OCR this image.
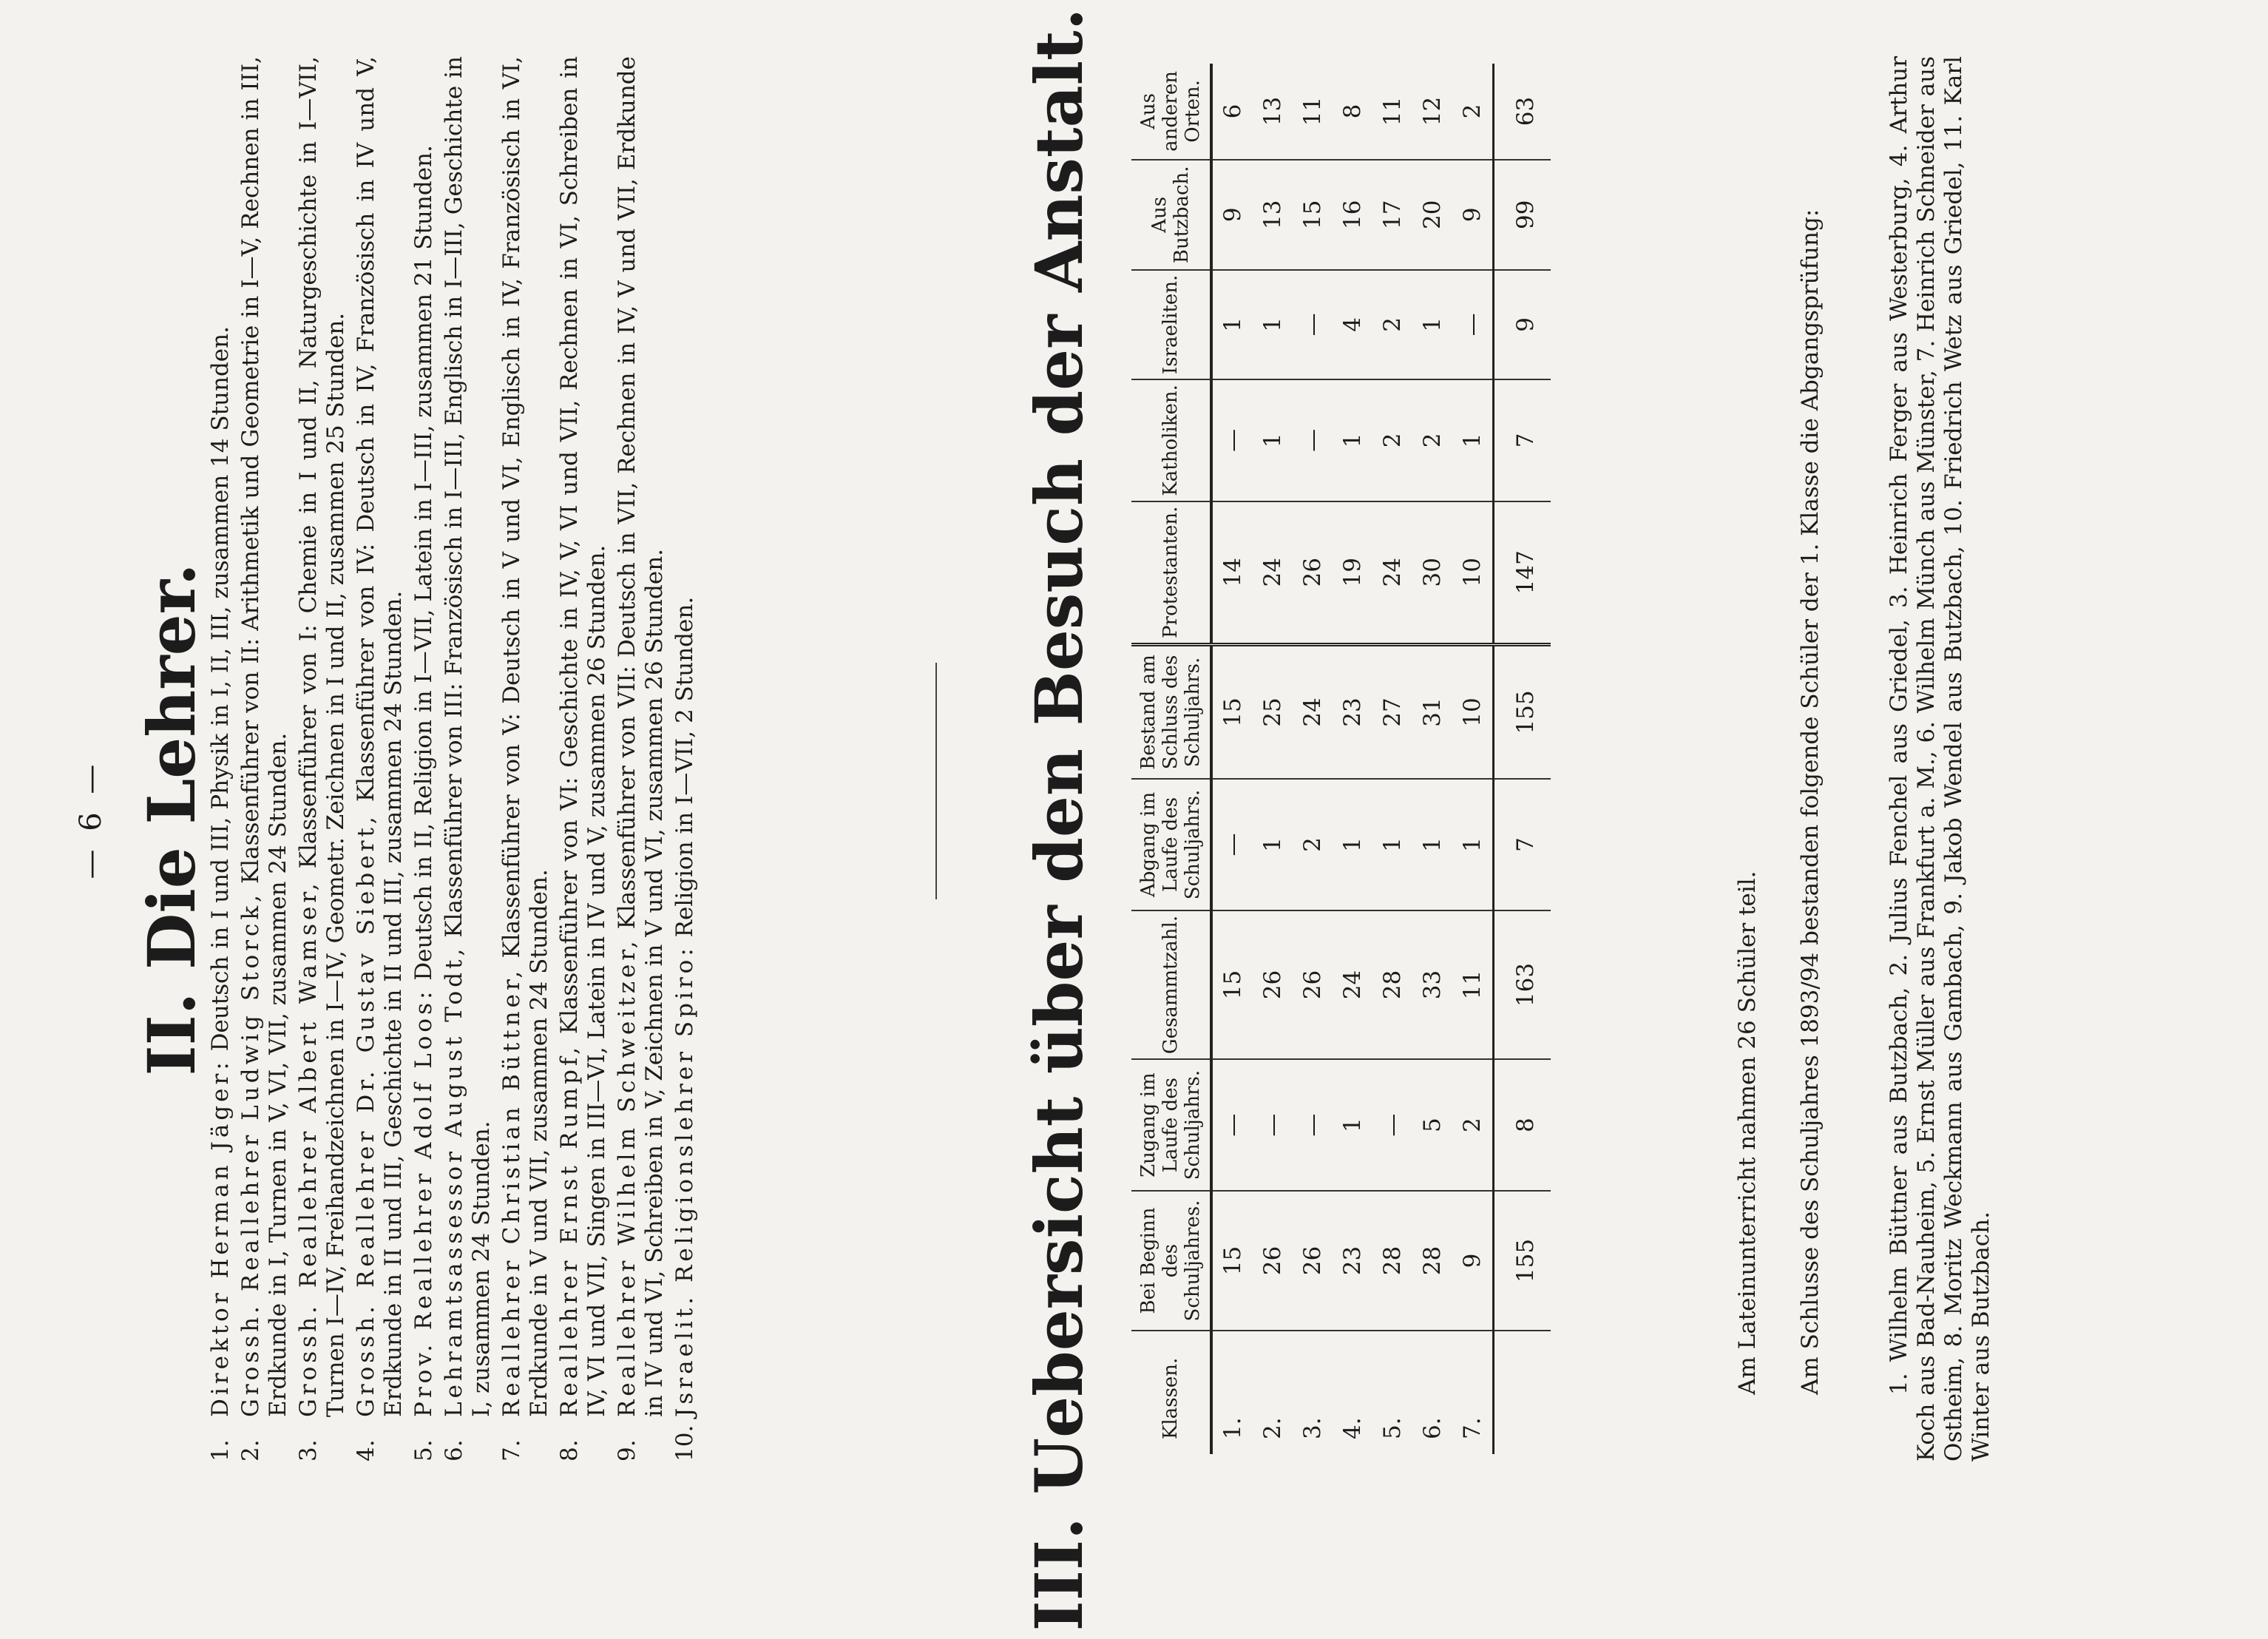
— 6 — II. Die Lehrer.
1.
Direktor Herman Jäger: Deutsch in I und III, Physik in I, II, III, zusammen 14 Stunden.
2.
Grossh. Reallehrer Ludwig Storck, Klassenführer von II: Arithmetik und Geometrie in I—V, Rechnen in III, Erdkunde in I, Turnen in V, VI, VII, zusammen 24 Stunden.
3.
Grossh. Reallehrer Albert Wamser, Klassenführer von I: Chemie in I und II, Naturgeschichte in I—VII, Turnen I—IV, Freihandzeichnen in I—IV, Geometr. Zeichnen in I und II, zusammen 25 Stunden.
4.
Grossh. Reallehrer Dr. Gustav Siebert, Klassenführer von IV: Deutsch in IV, Französisch in IV und V, Erdkunde in II und III, Geschichte in II und III, zusammen 24 Stunden.
5.
Prov. Reallehrer Adolf Loos: Deutsch in II, Religion in I—VII, Latein in I—III, zusammen 21 Stunden.
6.
Lehramtsassessor August Todt, Klassenführer von III: Französisch in I—III, Englisch in I—III, Geschichte in I, zusammen 24 Stunden.
7.
Reallehrer Christian Büttner, Klassenführer von V: Deutsch in V und VI, Englisch in IV, Französisch in VI, Erdkunde in V und VII, zusammen 24 Stunden.
8.
Reallehrer Ernst Rumpf, Klassenführer von VI: Geschichte in IV, V, VI und VII, Rechnen in VI, Schreiben in IV, VI und VII, Singen in III—VI, Latein in IV und V, zusammen 26 Stunden.
9.
Reallehrer Wilhelm Schweitzer, Klassenführer von VII: Deutsch in VII, Rechnen in IV, V und VII, Erdkunde in IV und VI, Schreiben in V, Zeichnen in V und VI, zusammen 26 Stunden.
10.
Jsraelit. Religionslehrer Spiro: Religion in I—VII, 2 Stunden.	III. Uebersicht über den Besuch der Anstalt.	Klassen.	Bei Beginn des Schuljahres.	Zugang im Laufe des Schuljahrs.	Gesammtzahl.	Abgang im Laufe des Schuljahrs.	Bestand am Schluss des Schuljahrs.	Protestanten.	Katholiken.	Israeliten.	Aus Butzbach.	Aus anderen Orten.
1.	15	—	15	—	15	14	—	1	9	6
2.	26	—	26	1	25	24	1	1	13	13
3.	26	—	26	2	24	26	—	—	15	11
4.	23	1	24	1	23	19	1	4	16	8
5.	28	—	28	1	27	24	2	2	17	11
6.	28	5	33	1	31	30	2	1	20	12
7.	9	2	11	1	10	10	1	—	9	2
	155	8	163	7	155	147	7	9	99	63
Am Lateinunterricht nahmen 26 Schüler teil. Am Schlusse des Schuljahres 1893/94 bestanden folgende Schüler der 1. Klasse die Abgangsprüfung:	1. Wilhelm Büttner aus Butzbach, 2. Julius Fenchel aus Griedel, 3. Heinrich Ferger aus Westerburg, 4. Arthur Koch aus Bad-Nauheim, 5. Ernst Müller aus Frankfurt a. M., 6. Wilhelm Münch aus Münster, 7. Heinrich Schneider aus Ostheim, 8. Moritz Weckmann aus Gambach, 9. Jakob Wendel aus Butzbach, 10. Friedrich Wetz aus Griedel, 11. Karl Winter aus Butzbach.
